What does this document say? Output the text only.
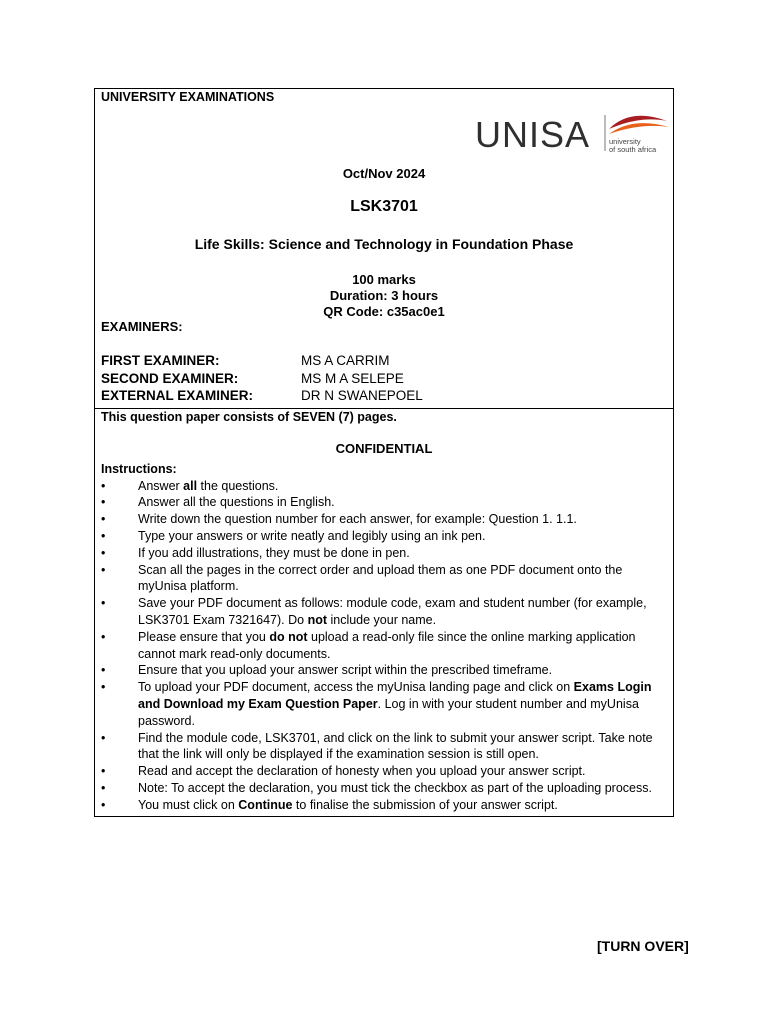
UNIVERSITY EXAMINATIONS
UNISA	university
of south africa
Oct/Nov 2024
LSK3701
Life Skills: Science and Technology in Foundation Phase
100 marks
Duration: 3 hours
QR Code: c35ac0e1
EXAMINERS:
FIRST EXAMINER:	MS A CARRIM
SECOND EXAMINER:	MS M A SELEPE
EXTERNAL EXAMINER:	DR N SWANEPOEL
This question paper consists of SEVEN (7) pages.
CONFIDENTIAL
Instructions:
•	Answer all the questions.
•	Answer all the questions in English.
•	Write down the question number for each answer, for example: Question 1. 1.1.
•	Type your answers or write neatly and legibly using an ink pen.
•	If you add illustrations, they must be done in pen.
•	Scan all the pages in the correct order and upload them as one PDF document onto the myUnisa platform.
•	Save your PDF document as follows: module code, exam and student number (for example, LSK3701 Exam 7321647). Do not include your name.
•	Please ensure that you do not upload a read-only file since the online marking application cannot mark read-only documents.
•	Ensure that you upload your answer script within the prescribed timeframe.
•	To upload your PDF document, access the myUnisa landing page and click on Exams Login and Download my Exam Question Paper. Log in with your student number and myUnisa password.
•	Find the module code, LSK3701, and click on the link to submit your answer script. Take note that the link will only be displayed if the examination session is still open.
•	Read and accept the declaration of honesty when you upload your answer script.
•	Note: To accept the declaration, you must tick the checkbox as part of the uploading process.
•	You must click on Continue to finalise the submission of your answer script.
[TURN OVER]
